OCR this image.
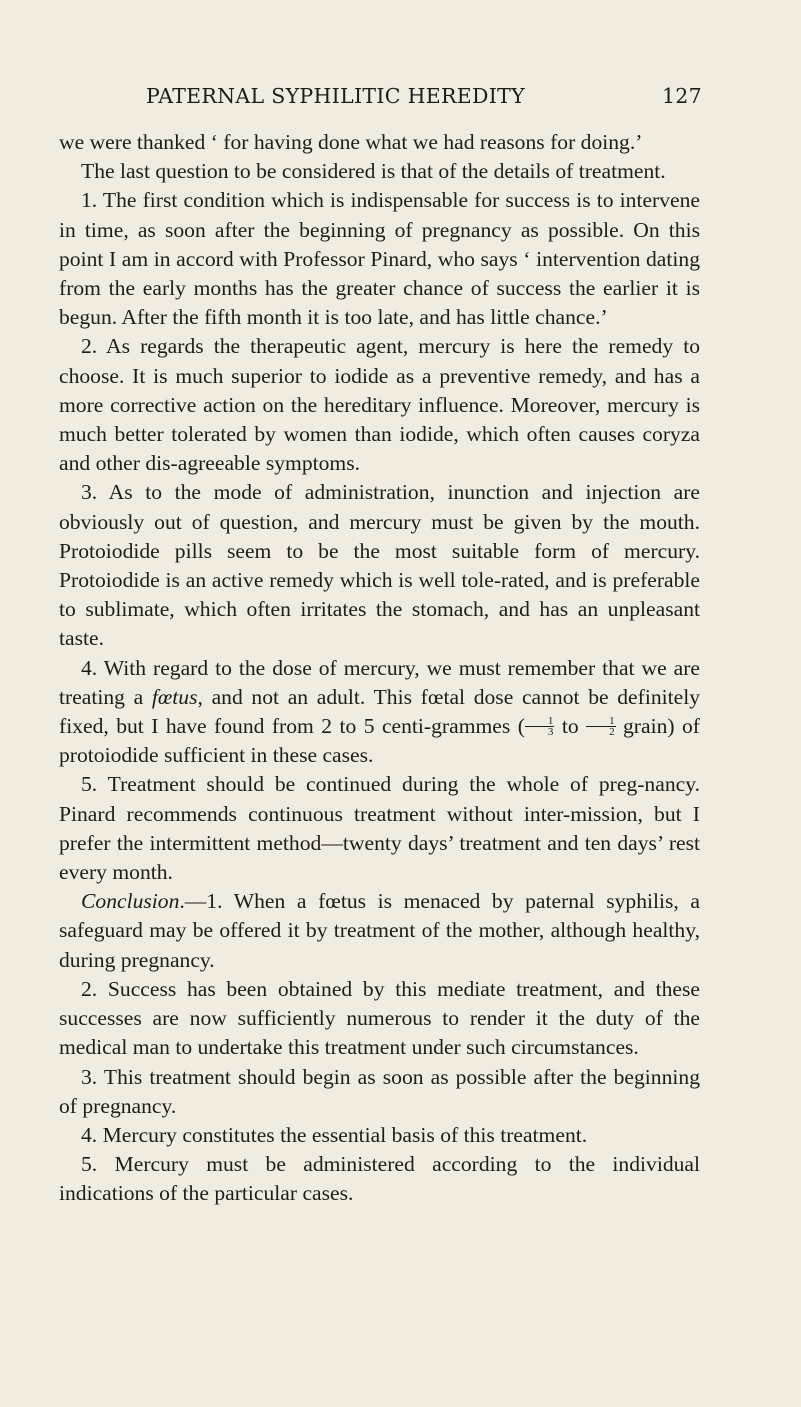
PATERNAL SYPHILITIC HEREDITY	127

we were thanked ‘ for having done what we had reasons for doing.’

The last question to be considered is that of the details of treatment.

1. The first condition which is indispensable for success is to intervene in time, as soon after the beginning of pregnancy as possible. On this point I am in accord with Professor Pinard, who says ‘ intervention dating from the early months has the greater chance of success the earlier it is begun. After the fifth month it is too late, and has little chance.’

2. As regards the therapeutic agent, mercury is here the remedy to choose. It is much superior to iodide as a preventive remedy, and has a more corrective action on the hereditary influence. Moreover, mercury is much better tolerated by women than iodide, which often causes coryza and other dis-agreeable symptoms.

3. As to the mode of administration, inunction and injection are obviously out of question, and mercury must be given by the mouth. Protoiodide pills seem to be the most suitable form of mercury. Protoiodide is an active remedy which is well tole-rated, and is preferable to sublimate, which often irritates the stomach, and has an unpleasant taste.

4. With regard to the dose of mercury, we must remember that we are treating a fœtus, and not an adult. This fœtal dose cannot be definitely fixed, but I have found from 2 to 5 centi-grammes ( $\frac{1}{3}$ to $\frac{1}{2}$ grain) of protoiodide sufficient in these cases.

5. Treatment should be continued during the whole of preg-nancy. Pinard recommends continuous treatment without inter-mission, but I prefer the intermittent method—twenty days’ treatment and ten days’ rest every month.

Conclusion.—1. When a fœtus is menaced by paternal syphilis, a safeguard may be offered it by treatment of the mother, although healthy, during pregnancy.

2. Success has been obtained by this mediate treatment, and these successes are now sufficiently numerous to render it the duty of the medical man to undertake this treatment under such circumstances.

3. This treatment should begin as soon as possible after the beginning of pregnancy.

4. Mercury constitutes the essential basis of this treatment.

5. Mercury must be administered according to the individual indications of the particular cases.
